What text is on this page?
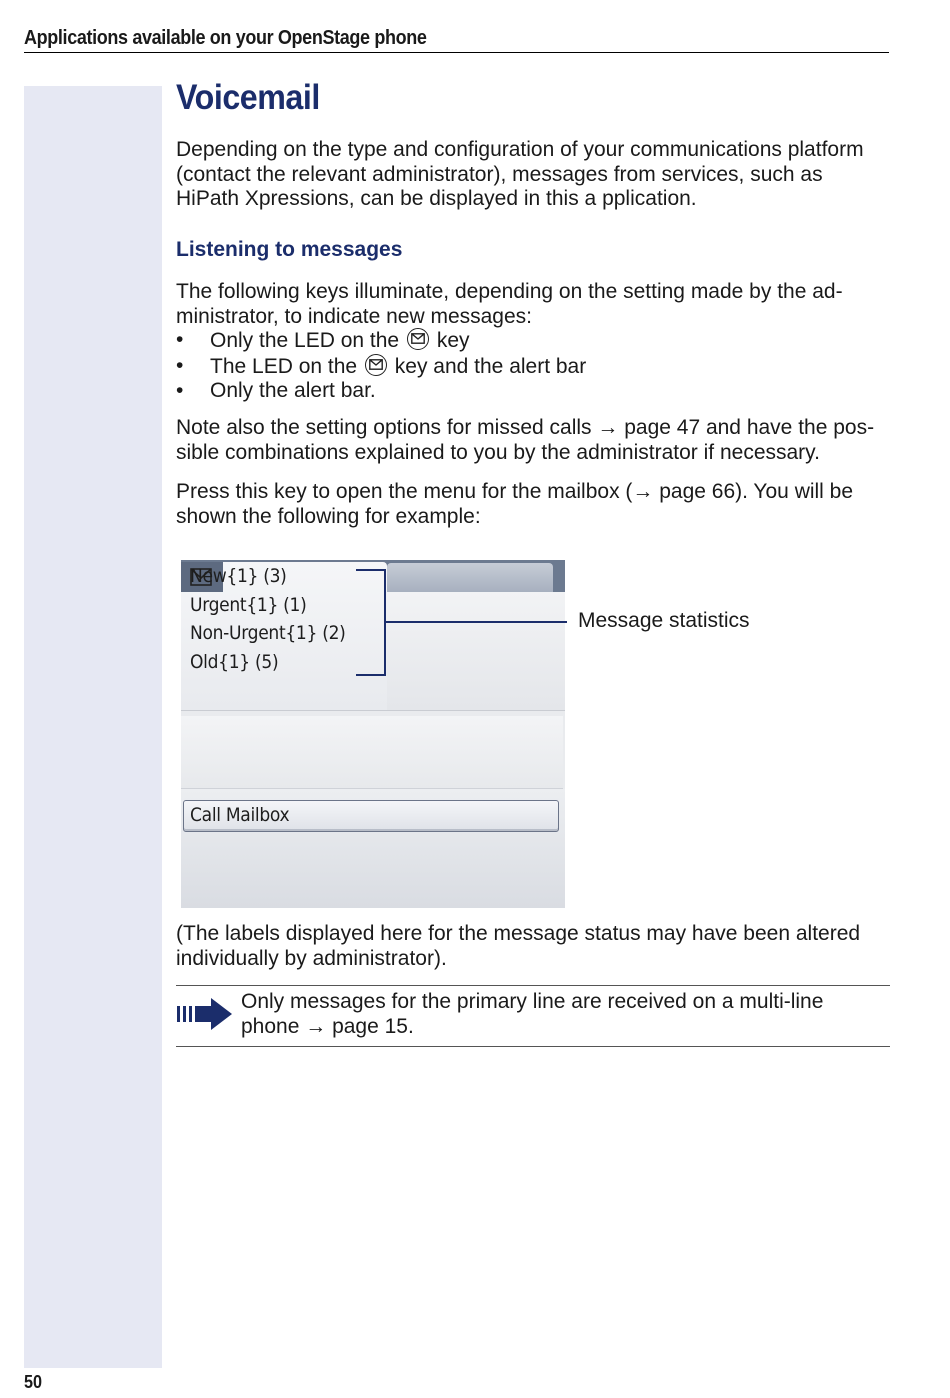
Applications available on your OpenStage phone
Voicemail

Depending on the type and configuration of your communications platform (contact the relevant administrator), messages from services, such as HiPath Xpressions, can be displayed in this a pplication.

Listening to messages

The following keys illuminate, depending on the setting made by the ad-ministrator, to indicate new messages:

• Only the LED on the key
• The LED on the key and the alert bar
• Only the alert bar.

Note also the setting options for missed calls → page 47 and have the pos-sible combinations explained to you by the administrator if necessary.

Press this key to open the menu for the mailbox (→ page 66). You will be shown the following for example:

New{1} (3)
Urgent{1} (1)
Non-Urgent{1} (2)
Old{1} (5)
Call Mailbox
Message statistics

(The labels displayed here for the message status may have been altered individually by administrator).

Only messages for the primary line are received on a multi-line phone → page 15.

50
